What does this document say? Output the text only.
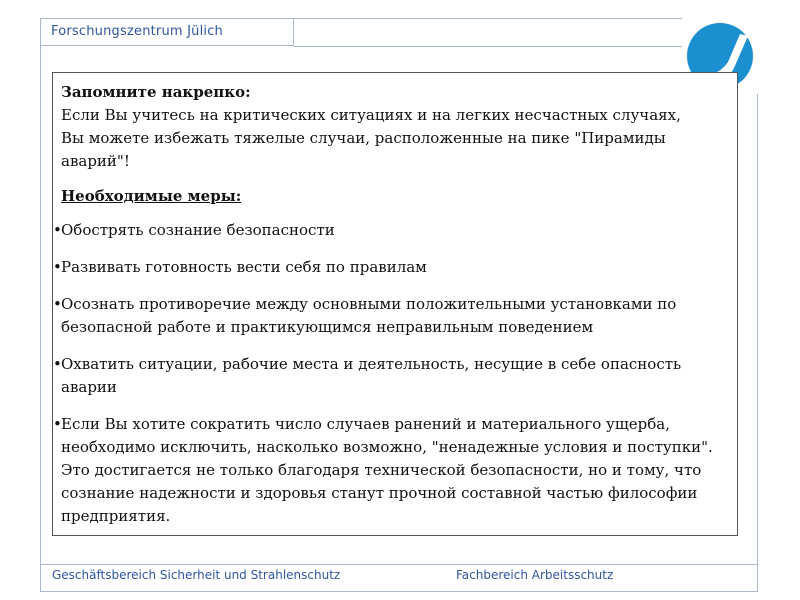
Forschungszentrum Jülich
Запомните накрепко:
Если Вы учитесь на критических ситуациях и на легких несчастных случаях, Вы можете избежать тяжелые случаи, расположенные на пике "Пирамиды аварий"!
Необходимые меры:
• Обострять сознание безопасности
• Развивать готовность вести себя по правилам
• Осознать противоречие между основными положительными установками по безопасной работе и практикующимся неправильным поведением
• Охватить ситуации, рабочие места и деятельность, несущие в себе опасность аварии
• Если Вы хотите сократить число случаев ранений и материального ущерба, необходимо исключить, насколько возможно, "ненадежные условия и поступки". Это достигается не только благодаря технической безопасности, но и тому, что сознание надежности и здоровья станут прочной составной частью философии предприятия.
Geschäftsbereich Sicherheit und Strahlenschutz	Fachbereich Arbeitsschutz
